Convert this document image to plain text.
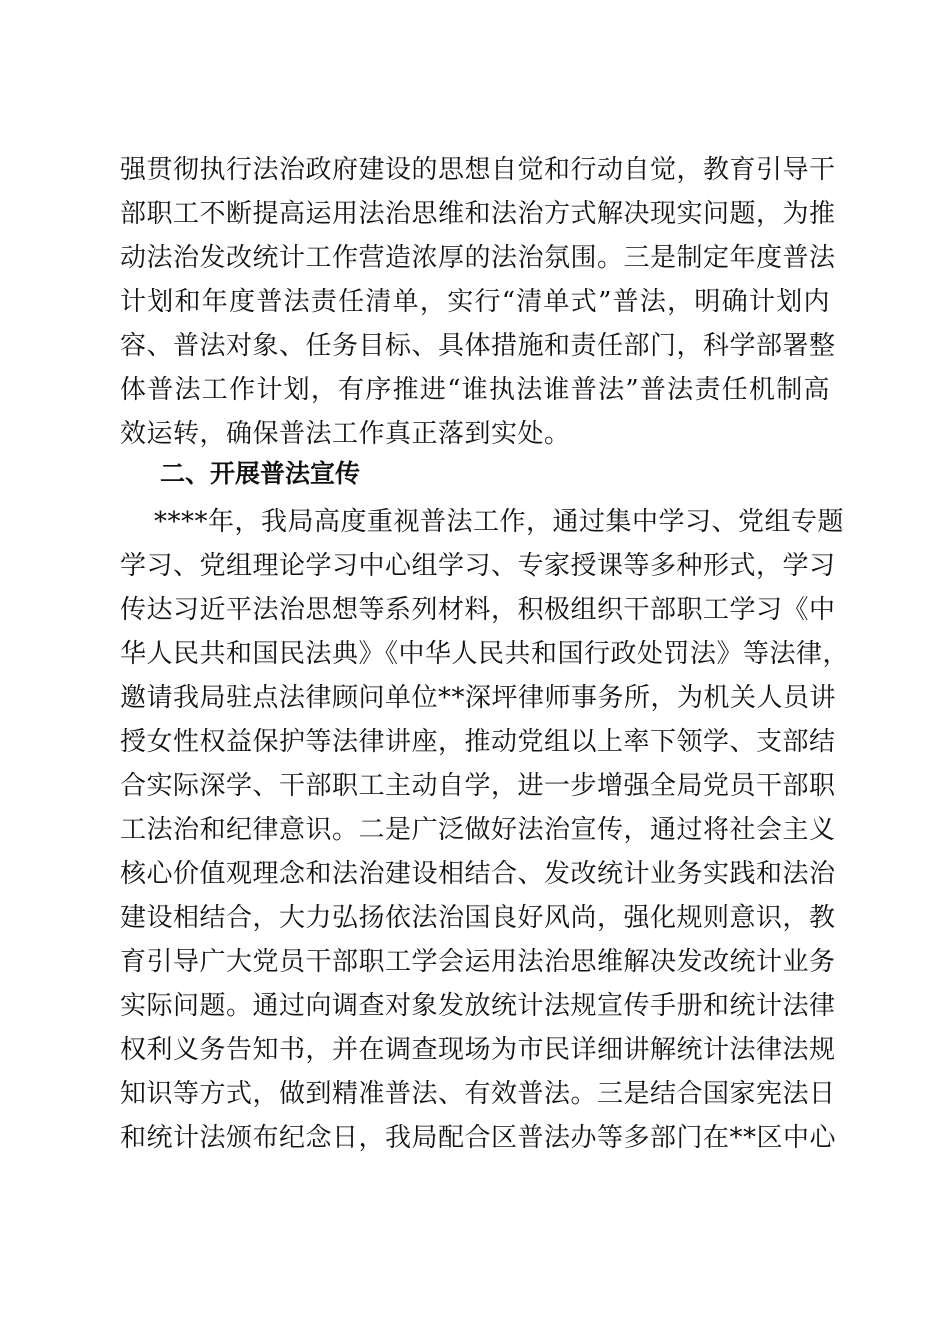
强贯彻执行法治政府建设的思想自觉和行动自觉，教育引导干
部职工不断提高运用法治思维和法治方式解决现实问题，为推
动法治发改统计工作营造浓厚的法治氛围。三是制定年度普法
计划和年度普法责任清单，实行“清单式”普法，明确计划内
容、普法对象、任务目标、具体措施和责任部门，科学部署整
体普法工作计划，有序推进“谁执法谁普法”普法责任机制高
效运转，确保普法工作真正落到实处。
二、开展普法宣传
****年，我局高度重视普法工作，通过集中学习、党组专题
学习、党组理论学习中心组学习、专家授课等多种形式，学习
传达习近平法治思想等系列材料，积极组织干部职工学习《中
华人民共和国民法典》《中华人民共和国行政处罚法》等法律，
邀请我局驻点法律顾问单位**深坪律师事务所，为机关人员讲
授女性权益保护等法律讲座，推动党组以上率下领学、支部结
合实际深学、干部职工主动自学，进一步增强全局党员干部职
工法治和纪律意识。二是广泛做好法治宣传，通过将社会主义
核心价值观理念和法治建设相结合、发改统计业务实践和法治
建设相结合，大力弘扬依法治国良好风尚，强化规则意识，教
育引导广大党员干部职工学会运用法治思维解决发改统计业务
实际问题。通过向调查对象发放统计法规宣传手册和统计法律
权利义务告知书，并在调查现场为市民详细讲解统计法律法规
知识等方式，做到精准普法、有效普法。三是结合国家宪法日
和统计法颁布纪念日，我局配合区普法办等多部门在**区中心
